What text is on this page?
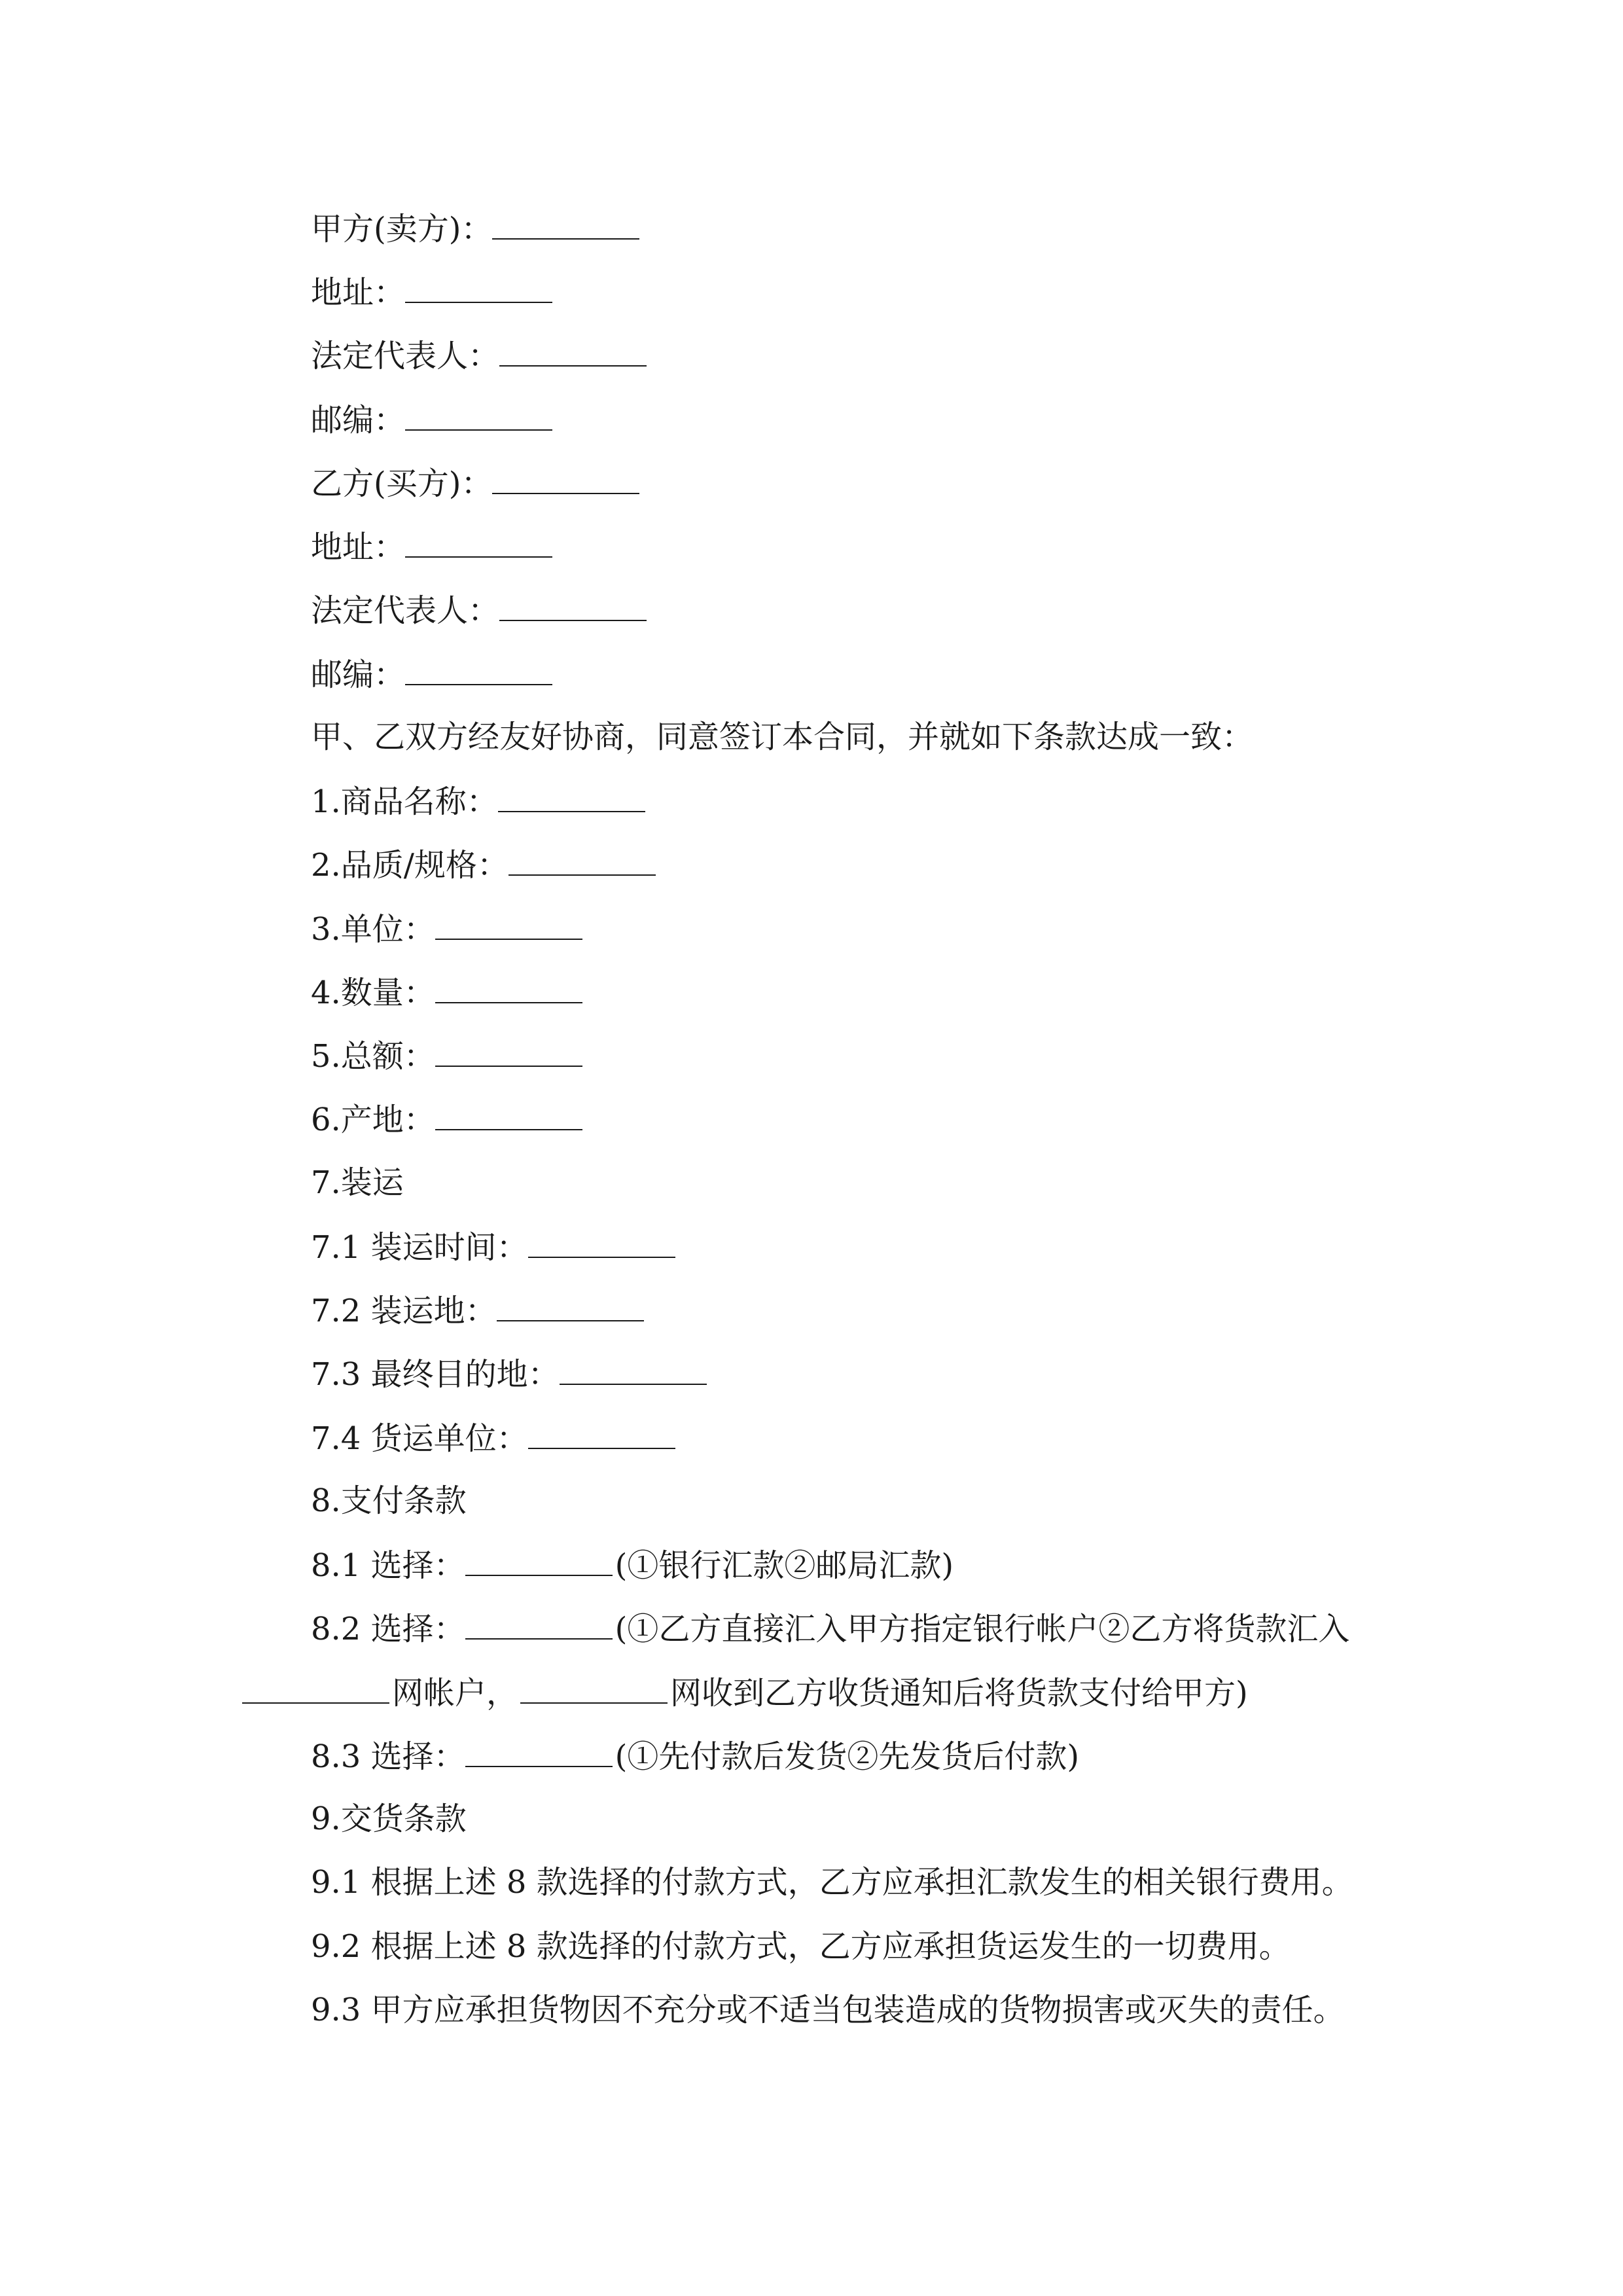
甲方(卖方)：
地址：
法定代表人：
邮编：
乙方(买方)：
地址：
法定代表人：
邮编：
甲、乙双方经友好协商，同意签订本合同，并就如下条款达成一致：
1.商品名称：
2.品质/规格：
3.单位：
4.数量：
5.总额：
6.产地：
7.装运
7.1 装运时间：
7.2 装运地：
7.3 最终目的地：
7.4 货运单位：
8.支付条款
8.1 选择：	(①银行汇款②邮局汇款)
8.2 选择：	(①乙方直接汇入甲方指定银行帐户②乙方将货款汇入
网帐户，	网收到乙方收货通知后将货款支付给甲方)
8.3 选择：	(①先付款后发货②先发货后付款)
9.交货条款
9.1 根据上述 8 款选择的付款方式，乙方应承担汇款发生的相关银行费用。
9.2 根据上述 8 款选择的付款方式，乙方应承担货运发生的一切费用。
9.3 甲方应承担货物因不充分或不适当包装造成的货物损害或灭失的责任。
